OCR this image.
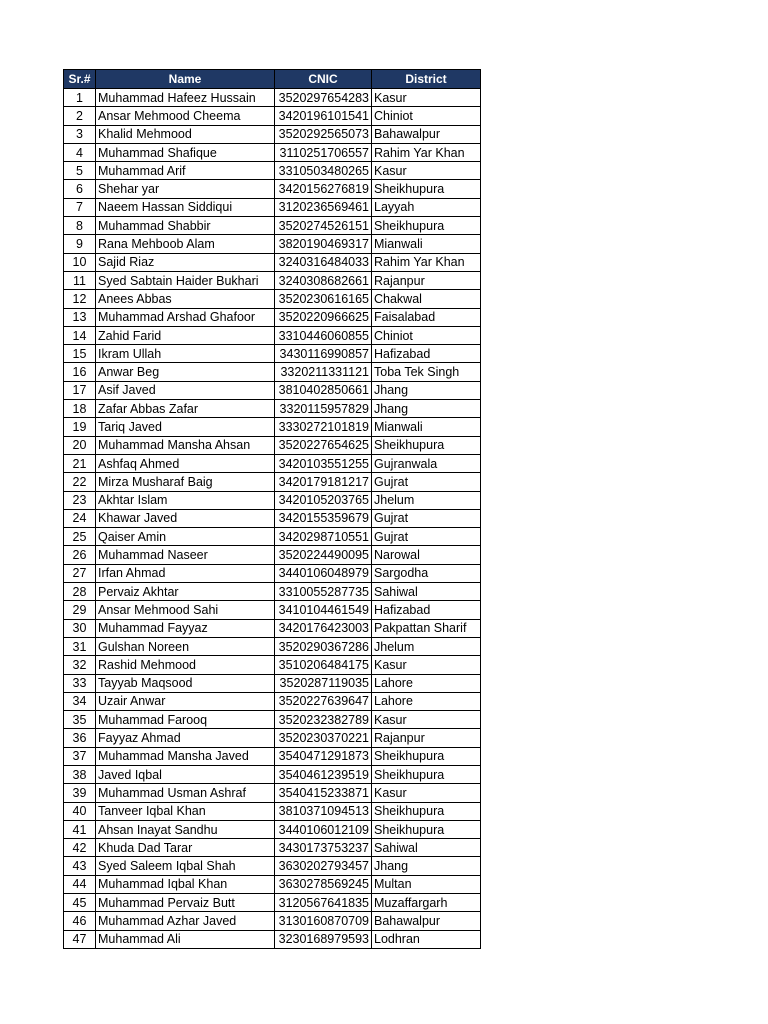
Sr.#	Name	CNIC	District
1	Muhammad Hafeez Hussain	3520297654283	Kasur
2	Ansar Mehmood Cheema	3420196101541	Chiniot
3	Khalid Mehmood	3520292565073	Bahawalpur
4	Muhammad Shafique	3110251706557	Rahim Yar Khan
5	Muhammad Arif	3310503480265	Kasur
6	Shehar yar	3420156276819	Sheikhupura
7	Naeem Hassan Siddiqui	3120236569461	Layyah
8	Muhammad Shabbir	3520274526151	Sheikhupura
9	Rana Mehboob Alam	3820190469317	Mianwali
10	Sajid Riaz	3240316484033	Rahim Yar Khan
11	Syed Sabtain Haider Bukhari	3240308682661	Rajanpur
12	Anees Abbas	3520230616165	Chakwal
13	Muhammad Arshad Ghafoor	3520220966625	Faisalabad
14	Zahid Farid	3310446060855	Chiniot
15	Ikram Ullah	3430116990857	Hafizabad
16	Anwar Beg	3320211331121	Toba Tek Singh
17	Asif Javed	3810402850661	Jhang
18	Zafar Abbas Zafar	3320115957829	Jhang
19	Tariq Javed	3330272101819	Mianwali
20	Muhammad Mansha Ahsan	3520227654625	Sheikhupura
21	Ashfaq Ahmed	3420103551255	Gujranwala
22	Mirza Musharaf Baig	3420179181217	Gujrat
23	Akhtar Islam	3420105203765	Jhelum
24	Khawar Javed	3420155359679	Gujrat
25	Qaiser Amin	3420298710551	Gujrat
26	Muhammad Naseer	3520224490095	Narowal
27	Irfan Ahmad	3440106048979	Sargodha
28	Pervaiz Akhtar	3310055287735	Sahiwal
29	Ansar Mehmood Sahi	3410104461549	Hafizabad
30	Muhammad Fayyaz	3420176423003	Pakpattan Sharif
31	Gulshan Noreen	3520290367286	Jhelum
32	Rashid Mehmood	3510206484175	Kasur
33	Tayyab Maqsood	3520287119035	Lahore
34	Uzair Anwar	3520227639647	Lahore
35	Muhammad Farooq	3520232382789	Kasur
36	Fayyaz Ahmad	3520230370221	Rajanpur
37	Muhammad Mansha Javed	3540471291873	Sheikhupura
38	Javed Iqbal	3540461239519	Sheikhupura
39	Muhammad Usman Ashraf	3540415233871	Kasur
40	Tanveer Iqbal Khan	3810371094513	Sheikhupura
41	Ahsan Inayat Sandhu	3440106012109	Sheikhupura
42	Khuda Dad Tarar	3430173753237	Sahiwal
43	Syed Saleem Iqbal Shah	3630202793457	Jhang
44	Muhammad Iqbal Khan	3630278569245	Multan
45	Muhammad Pervaiz Butt	3120567641835	Muzaffargarh
46	Muhammad Azhar Javed	3130160870709	Bahawalpur
47	Muhammad Ali	3230168979593	Lodhran
